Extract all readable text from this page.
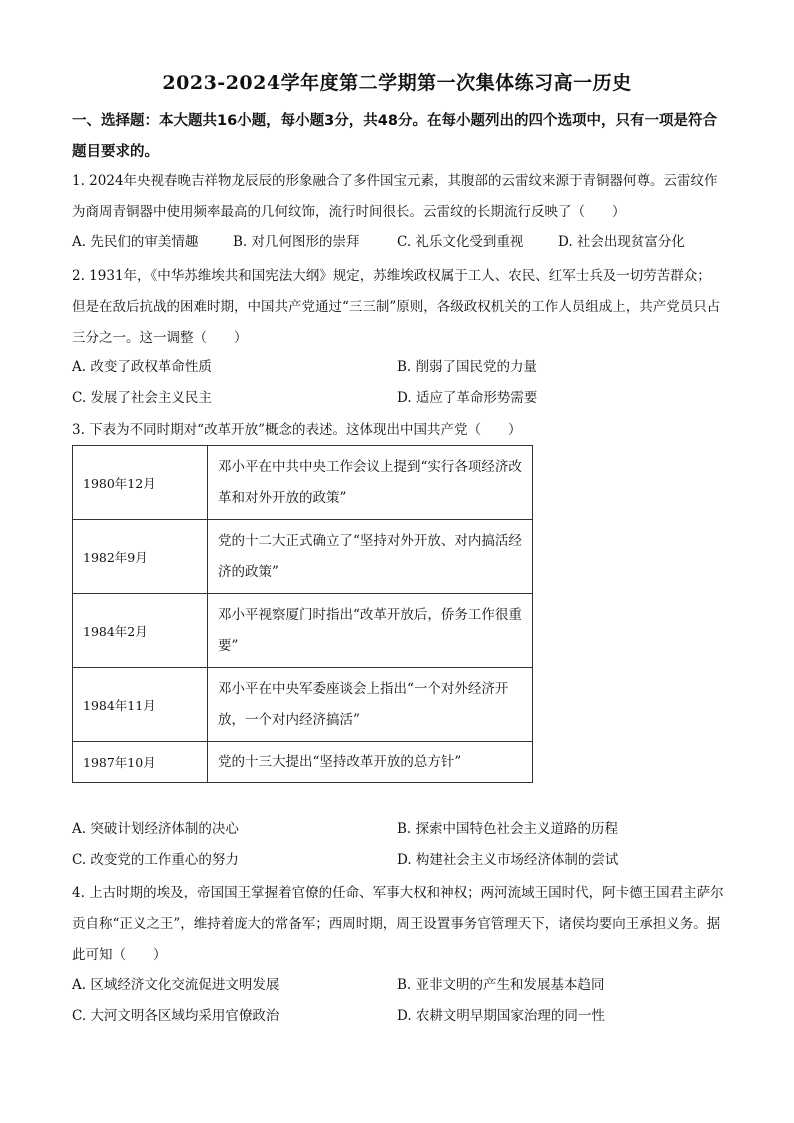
2023-2024学年度第二学期第一次集体练习高一历史
一、选择题：本大题共16小题，每小题3分，共48分。在每小题列出的四个选项中，只有一项是符合题目要求的。
1. 2024年央视春晚吉祥物龙辰辰的形象融合了多件国宝元素，其腹部的云雷纹来源于青铜器何尊。云雷纹作为商周青铜器中使用频率最高的几何纹饰，流行时间很长。云雷纹的长期流行反映了（　　）
A. 先民们的审美情趣	B. 对几何图形的崇拜	C. 礼乐文化受到重视	D. 社会出现贫富分化
2. 1931年，《中华苏维埃共和国宪法大纲》规定，苏维埃政权属于工人、农民、红军士兵及一切劳苦群众；但是在敌后抗战的困难时期，中国共产党通过“三三制”原则，各级政权机关的工作人员组成上，共产党员只占三分之一。这一调整（　　）
A. 改变了政权革命性质	B. 削弱了国民党的力量
C. 发展了社会主义民主	D. 适应了革命形势需要
3. 下表为不同时期对“改革开放”概念的表述。这体现出中国共产党（　　）
1980年12月	邓小平在中共中央工作会议上提到“实行各项经济改革和对外开放的政策”
1982年9月	党的十二大正式确立了“坚持对外开放、对内搞活经济的政策”
1984年2月	邓小平视察厦门时指出“改革开放后，侨务工作很重要”
1984年11月	邓小平在中央军委座谈会上指出“一个对外经济开放，一个对内经济搞活”
1987年10月	党的十三大提出“坚持改革开放的总方针”
A. 突破计划经济体制的决心	B. 探索中国特色社会主义道路的历程
C. 改变党的工作重心的努力	D. 构建社会主义市场经济体制的尝试
4. 上古时期的埃及，帝国国王掌握着官僚的任命、军事大权和神权；两河流域王国时代，阿卡德王国君主萨尔贡自称“正义之王”，维持着庞大的常备军；西周时期，周王设置事务官管理天下，诸侯均要向王承担义务。据此可知（　　）
A. 区域经济文化交流促进文明发展	B. 亚非文明的产生和发展基本趋同
C. 大河文明各区域均采用官僚政治	D. 农耕文明早期国家治理的同一性
